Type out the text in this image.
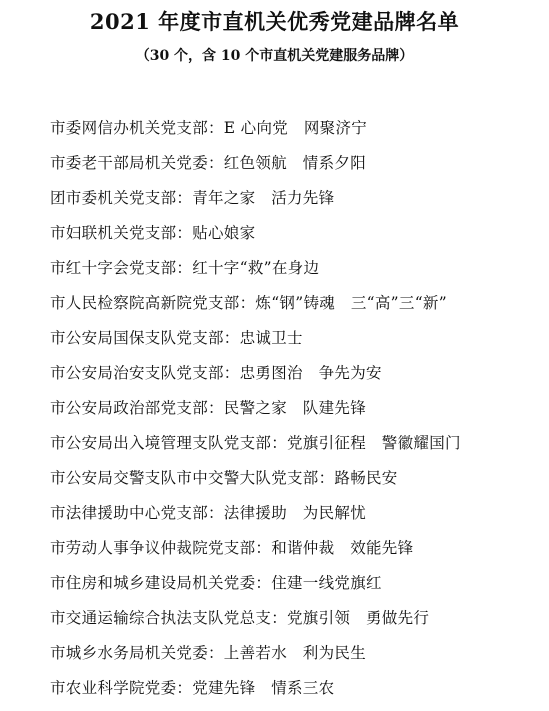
2021 年度市直机关优秀党建品牌名单
（30 个，含 10 个市直机关党建服务品牌）
市委网信办机关党支部：E 心向党　网聚济宁
市委老干部局机关党委：红色领航　情系夕阳
团市委机关党支部：青年之家　活力先锋
市妇联机关党支部：贴心娘家
市红十字会党支部：红十字“救”在身边
市人民检察院高新院党支部：炼“钢”铸魂　三“高”三“新”
市公安局国保支队党支部：忠诚卫士
市公安局治安支队党支部：忠勇图治　争先为安
市公安局政治部党支部：民警之家　队建先锋
市公安局出入境管理支队党支部：党旗引征程　警徽耀国门
市公安局交警支队市中交警大队党支部：路畅民安
市法律援助中心党支部：法律援助　为民解忧
市劳动人事争议仲裁院党支部：和谐仲裁　效能先锋
市住房和城乡建设局机关党委：住建一线党旗红
市交通运输综合执法支队党总支：党旗引领　勇做先行
市城乡水务局机关党委：上善若水　利为民生
市农业科学院党委：党建先锋　情系三农
